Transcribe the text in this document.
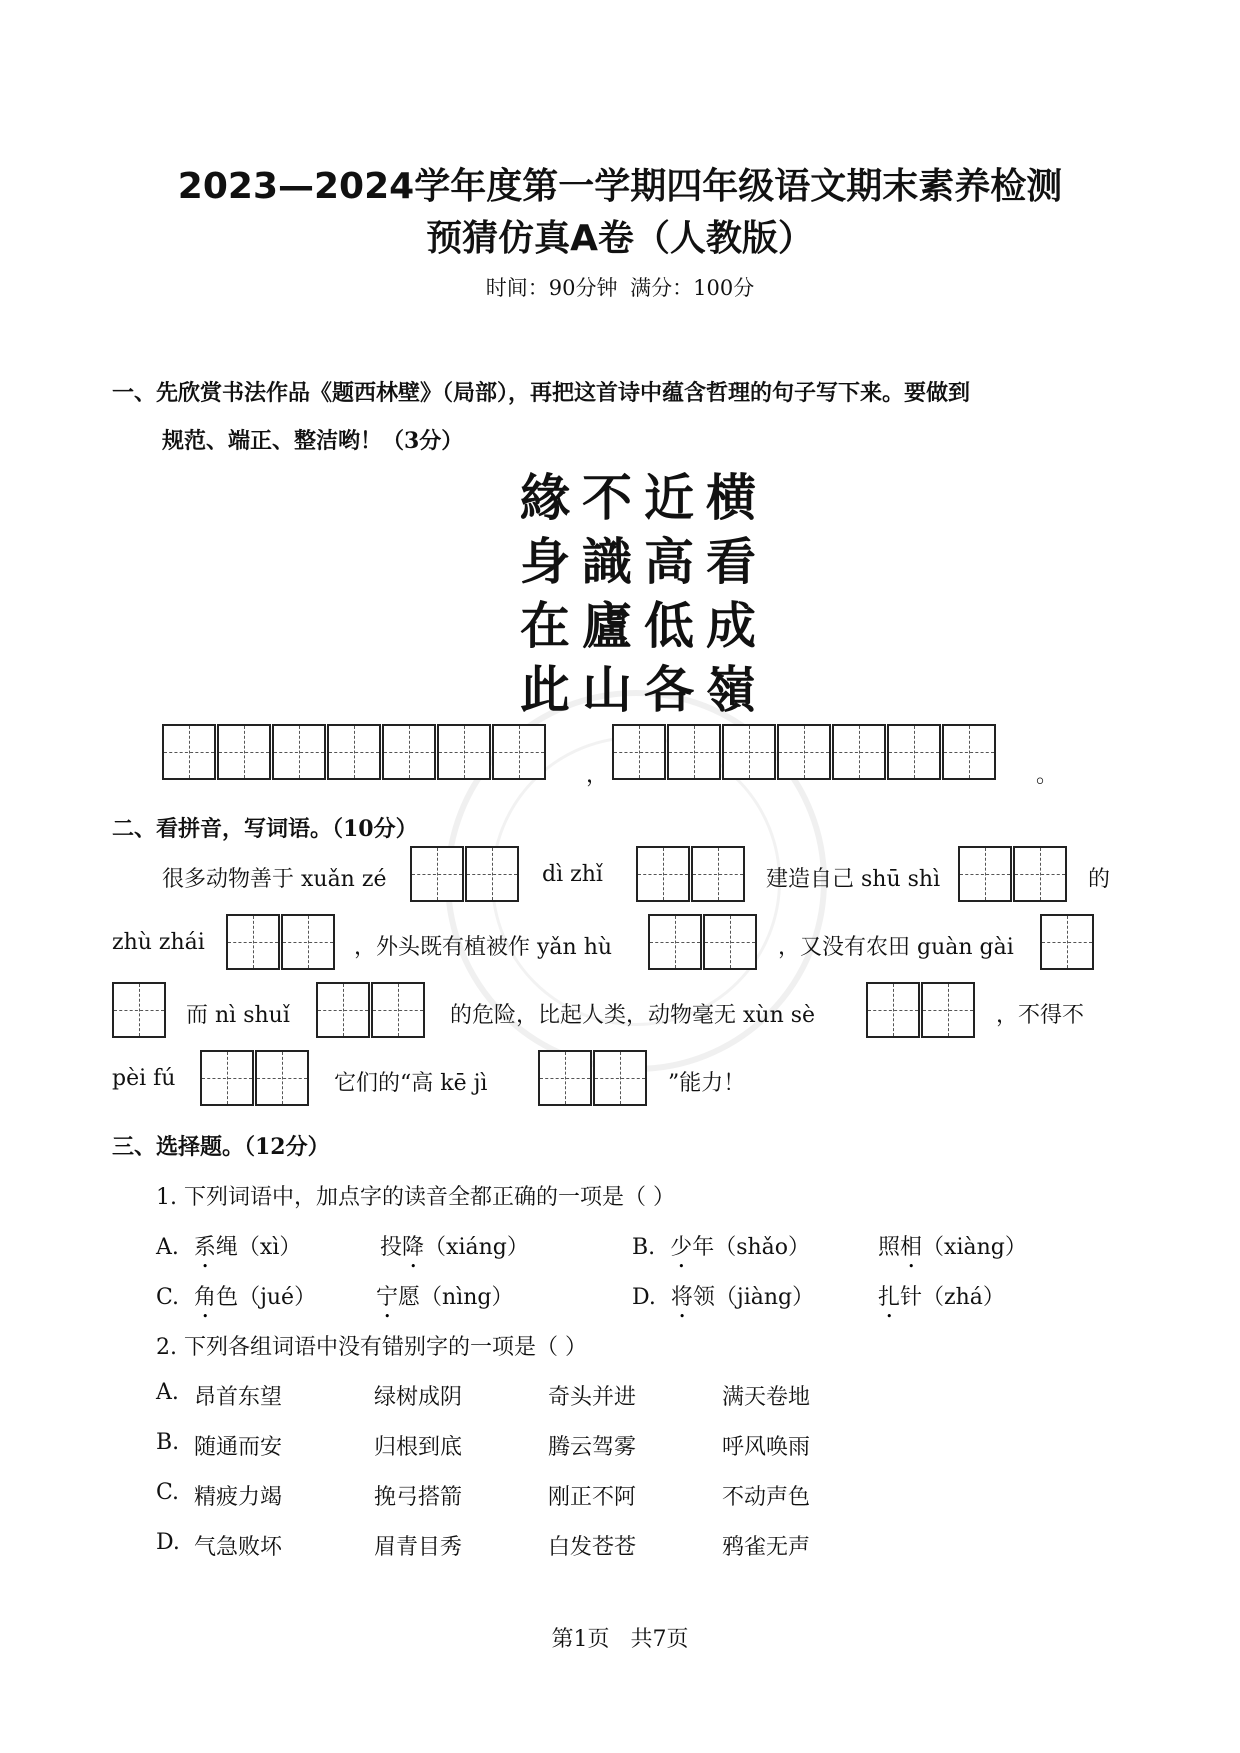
2023—2024学年度第一学期四年级语文期末素养检测
预猜仿真A卷（人教版）
时间：90分钟 满分：100分
一、先欣赏书法作品《题西林壁》（局部），再把这首诗中蕴含哲理的句子写下来。要做到
规范、端正、整洁哟！（3分）
緣不近横
身識高看
在廬低成
此山各嶺
，	。
二、看拼音，写词语。（10分）
很多动物善于 xuǎn zé	dì zhǐ	建造自己 shū shì	的
zhù zhái	，外头既有植被作 yǎn hù	，又没有农田 guàn gài
而 nì shuǐ	的危险，比起人类，动物毫无 xùn sè	，不得不
pèi fú	它们的“高 kē jì	”能力！
三、选择题。（12分）
1. 下列词语中，加点字的读音全都正确的一项是（ ）
A. 系绳（xì）	投降（xiáng）	B. 少年（shǎo）	照相（xiàng）
C. 角色（jué）	宁愿（nìng）	D. 将领（jiàng）	扎针（zhá）
2. 下列各组词语中没有错别字的一项是（ ）
A. 昂首东望	绿树成阴	奇头并进	满天卷地
B. 随通而安	归根到底	腾云驾雾	呼风唤雨
C. 精疲力竭	挽弓搭箭	刚正不阿	不动声色
D. 气急败坏	眉青目秀	白发苍苍	鸦雀无声
第1页 共7页
